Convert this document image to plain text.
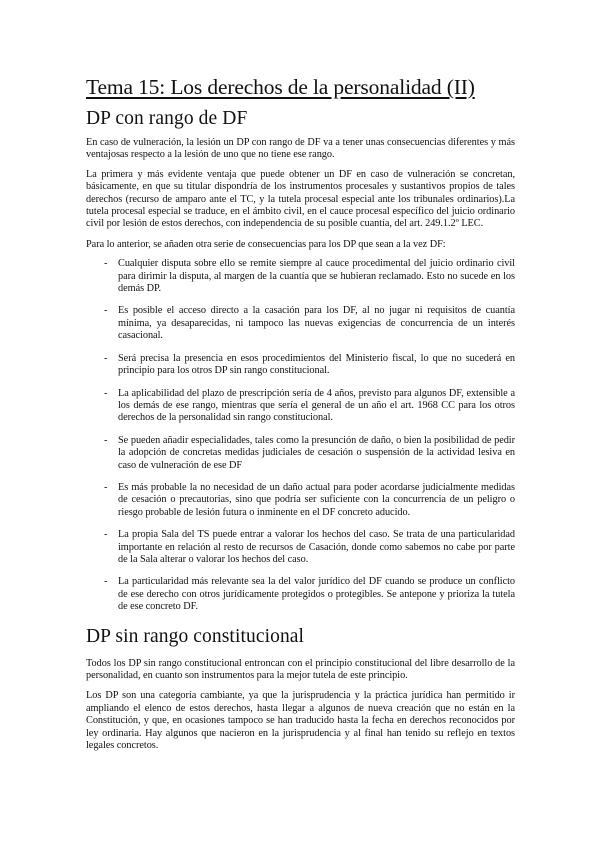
Tema 15: Los derechos de la personalidad (II)
DP con rango de DF

En caso de vulneración, la lesión un DP con rango de DF va a tener unas consecuencias diferentes y más ventajosas respecto a la lesión de uno que no tiene ese rango.

La primera y más evidente ventaja que puede obtener un DF en caso de vulneración se concretan, básicamente, en que su titular dispondría de los instrumentos procesales y sustantivos propios de tales derechos (recurso de amparo ante el TC, y la tutela procesal especial ante los tribunales ordinarios).La tutela procesal especial se traduce, en el ámbito civil, en el cauce procesal específico del juicio ordinario civil por lesión de estos derechos, con independencia de su posible cuantía, del art. 249.1.2º LEC.

Para lo anterior, se añaden otra serie de consecuencias para los DP que sean a la vez DF:

- Cualquier disputa sobre ello se remite siempre al cauce procedimental del juicio ordinario civil para dirimir la disputa, al margen de la cuantía que se hubieran reclamado. Esto no sucede en los demás DP.
- Es posible el acceso directo a la casación para los DF, al no jugar ni requisitos de cuantía mínima, ya desaparecidas, ni tampoco las nuevas exigencias de concurrencia de un interés casacional.
- Será precisa la presencia en esos procedimientos del Ministerio fiscal, lo que no sucederá en principio para los otros DP sin rango constitucional.
- La aplicabilidad del plazo de prescripción sería de 4 años, previsto para algunos DF, extensible a los demás de ese rango, mientras que sería el general de un año el art. 1968 CC para los otros derechos de la personalidad sin rango constitucional.
- Se pueden añadir especialidades, tales como la presunción de daño, o bien la posibilidad de pedir la adopción de concretas medidas judiciales de cesación o suspensión de la actividad lesiva en caso de vulneración de ese DF
- Es más probable la no necesidad de un daño actual para poder acordarse judicialmente medidas de cesación o precautorias, sino que podría ser suficiente con la concurrencia de un peligro o riesgo probable de lesión futura o inminente en el DF concreto aducido.
- La propia Sala del TS puede entrar a valorar los hechos del caso. Se trata de una particularidad importante en relación al resto de recursos de Casación, donde como sabemos no cabe por parte de la Sala alterar o valorar los hechos del caso.
- La particularidad más relevante sea la del valor jurídico del DF cuando se produce un conflicto de ese derecho con otros jurídicamente protegidos o protegibles. Se antepone y prioriza la tutela de ese concreto DF.
DP sin rango constitucional

Todos los DP sin rango constitucional entroncan con el principio constitucional del libre desarrollo de la personalidad, en cuanto son instrumentos para la mejor tutela de este principio.

Los DP son una categoría cambiante, ya que la jurisprudencia y la práctica jurídica han permitido ir ampliando el elenco de estos derechos, hasta llegar a algunos de nueva creación que no están en la Constitución, y que, en ocasiones tampoco se han traducido hasta la fecha en derechos reconocidos por ley ordinaria. Hay algunos que nacieron en la jurisprudencia y al final han tenido su reflejo en textos legales concretos.
